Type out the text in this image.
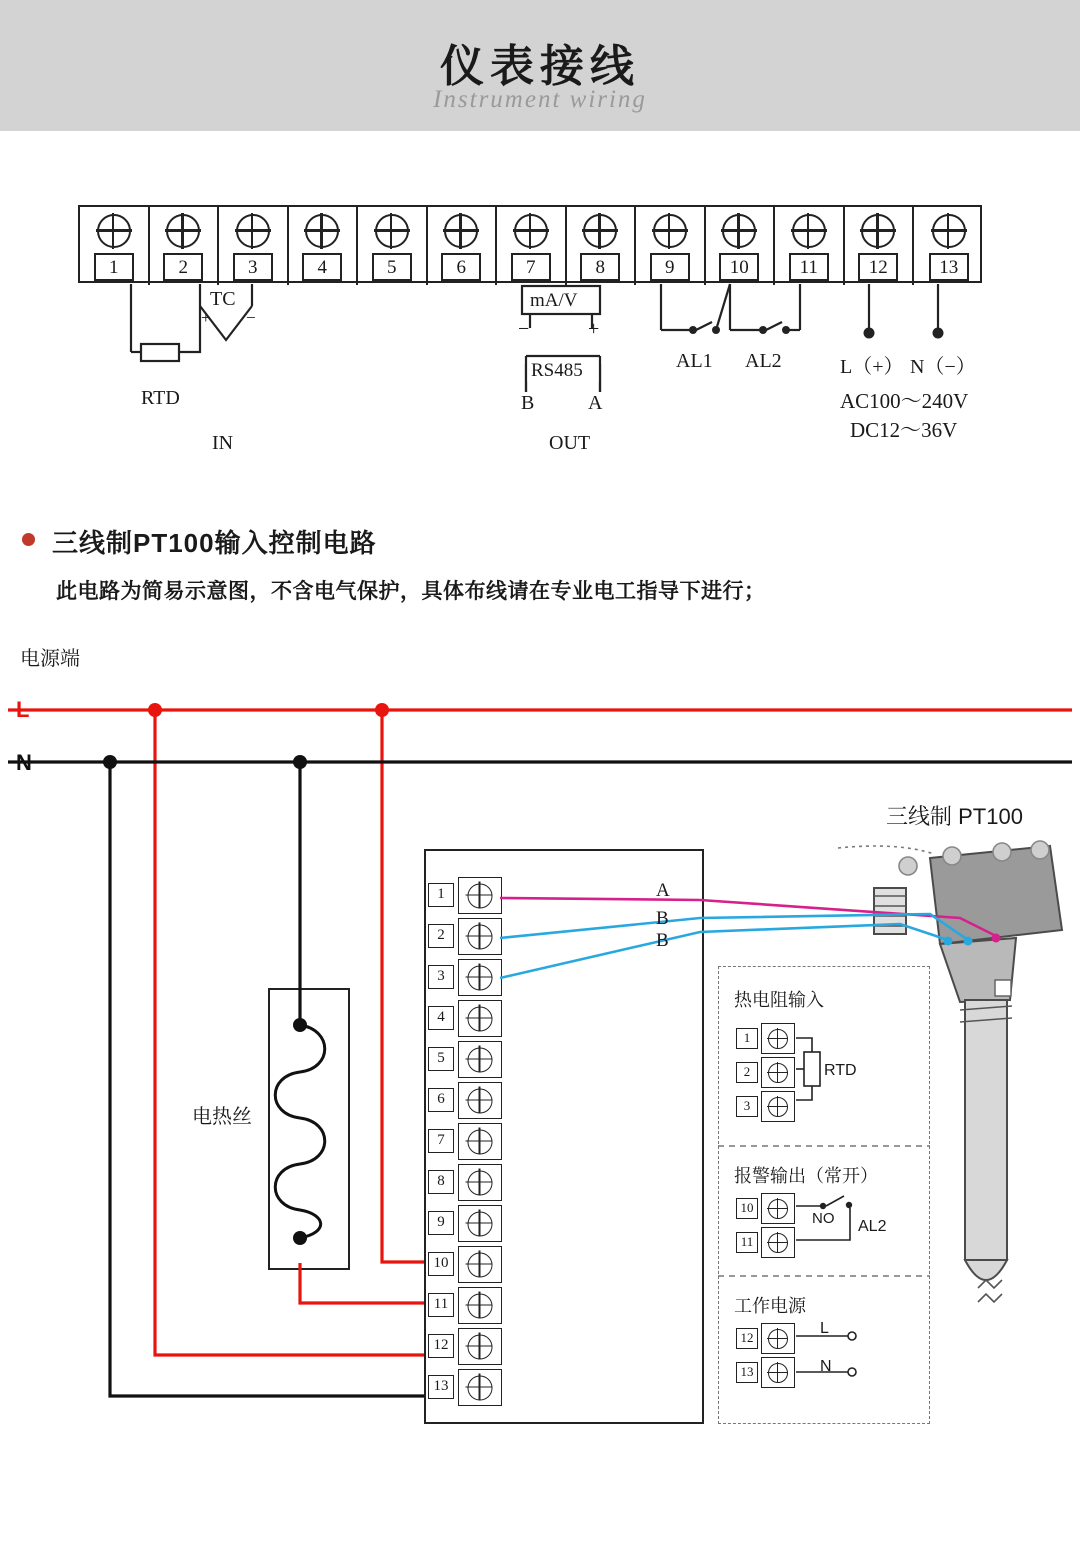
仪表接线
Instrument wiring
1	2	3	4	5	6	7	8	9	10	11	12	13
TC
+ −
RTD
IN
mA/V
−	+
RS485
B	A
OUT
AL1 AL2	L（+） N（−）
AC100～240V
DC12～36V
三线制PT100输入控制电路
此电路为简易示意图，不含电气保护，具体布线请在专业电工指导下进行；
电源端
L
N
1
2
3
4
5
6
7
8
9
10
11
12
13
电热丝
三线制 PT100
A
B
B
热电阻输入
1
2
3
RTD
报警输出（常开）
10
11
NO AL2
工作电源
12
13
L
N
